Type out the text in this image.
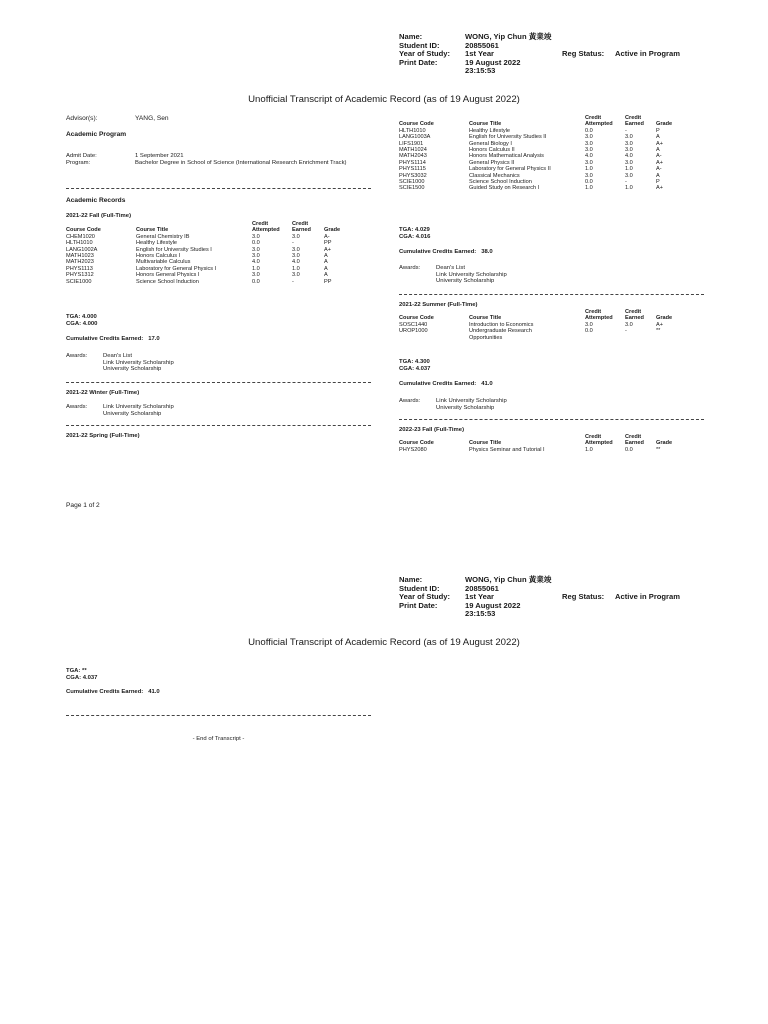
Name:	WONG, Yip Chun 黃業竣
Student ID:	20855061
Year of Study: 1st Year
Print Date:	19 August 2022
23:15:53
Reg Status: Active in Program
Unofficial Transcript of Academic Record (as of 19 August 2022)
Advisor(s):	YANG, Sen
Academic Program
Admit Date:	1 September 2021
Program:	Bachelor Degree in School of Science (International Research Enrichment Track)
Academic Records
2021-22 Fall (Full-Time)
Course Code	Course Title	Credit Attempted	Credit Earned	Grade
CHEM1020	General Chemistry IB	3.0	3.0	A-
HLTH1010	Healthy Lifestyle	0.0	-	PP
LANG1002A	English for University Studies I	3.0	3.0	A+
MATH1023	Honors Calculus I	3.0	3.0	A
MATH2023	Multivariable Calculus	4.0	4.0	A
PHYS1113	Laboratory for General Physics I	1.0	1.0	A
PHYS1312	Honors General Physics I	3.0	3.0	A
SCIE1000	Science School Induction	0.0	-	PP
TGA: 4.000
CGA: 4.000
Cumulative Credits Earned: 17.0
Awards:	Dean's List
Link University Scholarship
University Scholarship
2021-22 Winter (Full-Time)
Awards:	Link University Scholarship
University Scholarship
2021-22 Spring (Full-Time)
Page 1 of 2
Course Code	Course Title	Credit Attempted	Credit Earned	Grade
HLTH1010	Healthy Lifestyle	0.0	-	P
LANG1003A	English for University Studies II	3.0	3.0	A
LIFS1901	General Biology I	3.0	3.0	A+
MATH1024	Honors Calculus II	3.0	3.0	A
MATH2043	Honors Mathematical Analysis	4.0	4.0	A-
PHYS1114	General Physics II	3.0	3.0	A+
PHYS1115	Laboratory for General Physics II	1.0	1.0	A-
PHYS3032	Classical Mechanics	3.0	3.0	A
SCIE1000	Science School Induction	0.0	-	P
SCIE1500	Guided Study on Research I	1.0	1.0	A+
TGA: 4.029
CGA: 4.016
Cumulative Credits Earned: 38.0
Awards:	Dean's List
Link University Scholarship
University Scholarship
2021-22 Summer (Full-Time)
Course Code	Course Title	Credit Attempted	Credit Earned	Grade
SOSC1440	Introduction to Economics	3.0	3.0	A+
UROP1000	Undergraduate Research Opportunities	0.0	-	**
TGA: 4.300
CGA: 4.037
Cumulative Credits Earned: 41.0
Awards:	Link University Scholarship
University Scholarship
2022-23 Fall (Full-Time)
Course Code	Course Title	Credit Attempted	Credit Earned	Grade
PHYS2080	Physics Seminar and Tutorial I	1.0	0.0	**
Name:	WONG, Yip Chun 黃業竣
Student ID:	20855061
Year of Study: 1st Year
Print Date:	19 August 2022
23:15:53
Reg Status: Active in Program
Unofficial Transcript of Academic Record (as of 19 August 2022)
TGA: **
CGA: 4.037
Cumulative Credits Earned: 41.0
- End of Transcript -
